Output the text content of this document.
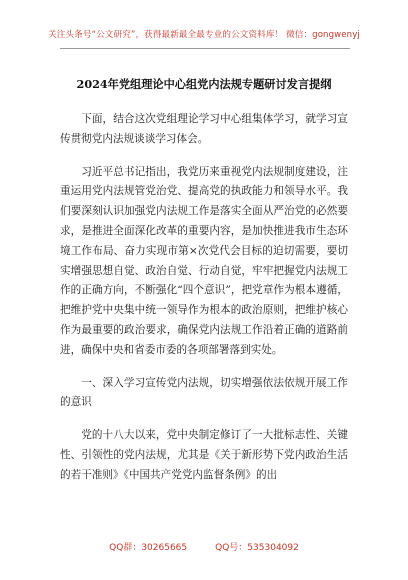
关注头条号“公文研究”，获得最新最全最专业的公文资料库！ 微信：gongwenyj
2024年党组理论中心组党内法规专题研讨发言提纲

下面，结合这次党组理论学习中心组集体学习，就学习宣传贯彻党内法规谈谈学习体会。

习近平总书记指出，我党历来重视党内法规制度建设，注重运用党内法规管党治党、提高党的执政能力和领导水平。我们要深刻认识加强党内法规工作是落实全面从严治党的必然要求，是推进全面深化改革的重要内容，是加快推进我市生态环境工作布局、奋力实现市第×次党代会目标的迫切需要，要切实增强思想自觉、政治自觉、行动自觉，牢牢把握党内法规工作的正确方向，不断强化“四个意识”，把党章作为根本遵循，把维护党中央集中统一领导作为根本的政治原则，把维护核心作为最重要的政治要求，确保党内法规工作沿着正确的道路前进，确保中央和省委市委的各项部署落到实处。

一、深入学习宣传党内法规，切实增强依法依规开展工作的意识

党的十八大以来，党中央制定修订了一大批标志性、关键性、引领性的党内法规，尤其是《关于新形势下党内政治生活的若干准则》《中国共产党党内监督条例》的出

QQ群：30265665	QQ号：535304092
